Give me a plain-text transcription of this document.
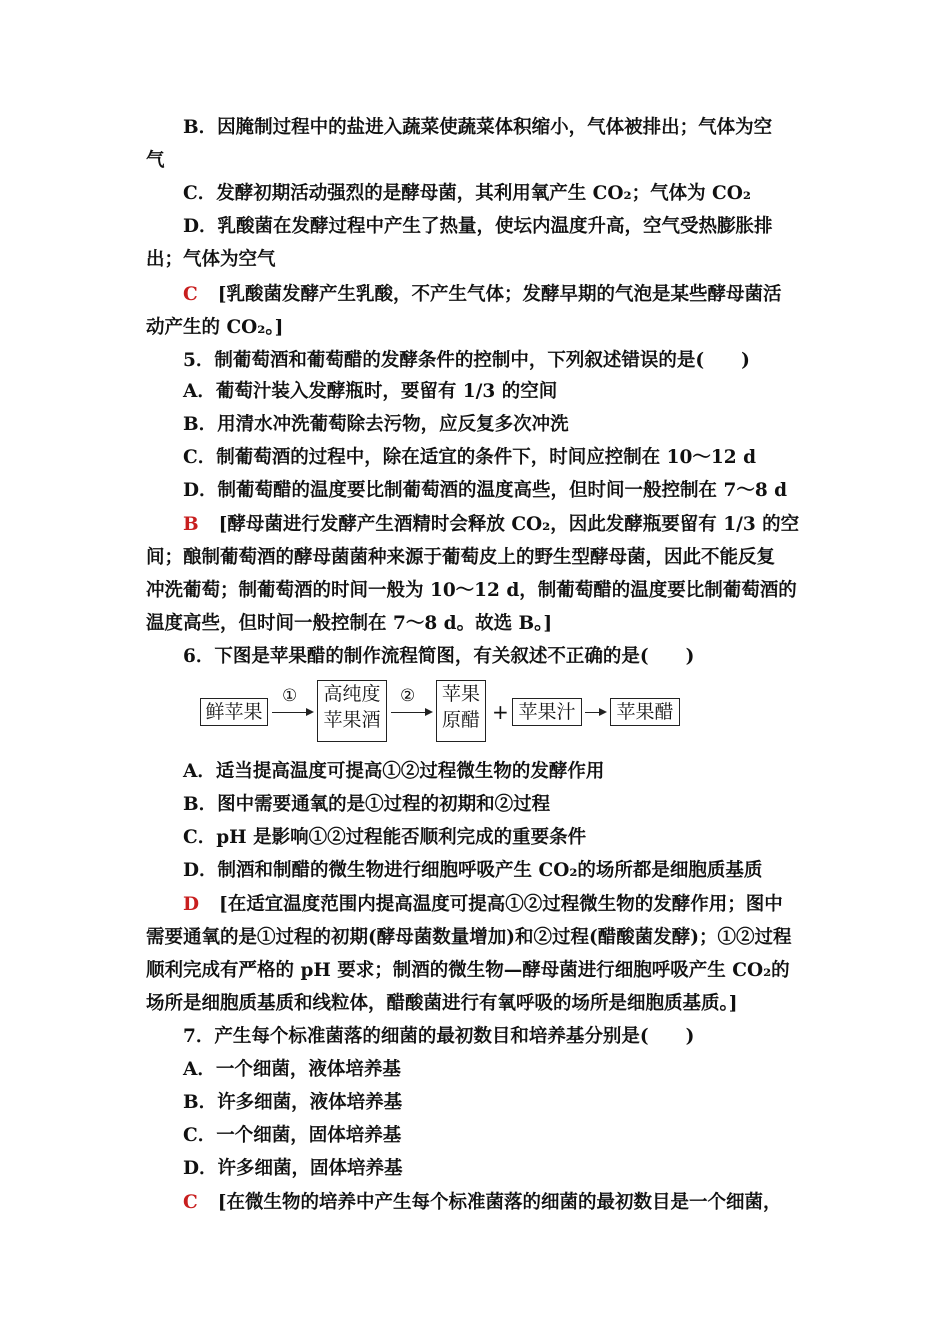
B．因腌制过程中的盐进入蔬菜使蔬菜体积缩小，气体被排出；气体为空
气
C．发酵初期活动强烈的是酵母菌，其利用氧产生 CO₂；气体为 CO₂
D．乳酸菌在发酵过程中产生了热量，使坛内温度升高，空气受热膨胀排
出；气体为空气
C [乳酸菌发酵产生乳酸，不产生气体；发酵早期的气泡是某些酵母菌活
动产生的 CO₂。]
5．制葡萄酒和葡萄醋的发酵条件的控制中，下列叙述错误的是(　　)
A．葡萄汁装入发酵瓶时，要留有 1/3 的空间
B．用清水冲洗葡萄除去污物，应反复多次冲洗
C．制葡萄酒的过程中，除在适宜的条件下，时间应控制在 10～12 d
D．制葡萄醋的温度要比制葡萄酒的温度高些，但时间一般控制在 7～8 d
B [酵母菌进行发酵产生酒精时会释放 CO₂，因此发酵瓶要留有 1/3 的空
间；酿制葡萄酒的酵母菌菌种来源于葡萄皮上的野生型酵母菌，因此不能反复
冲洗葡萄；制葡萄酒的时间一般为 10～12 d，制葡萄醋的温度要比制葡萄酒的
温度高些，但时间一般控制在 7～8 d。故选 B。]
6．下图是苹果醋的制作流程简图，有关叙述不正确的是(　　)
鲜苹果
① 高纯度
苹果酒
② 苹果
原醋 + 苹果汁	苹果醋
A．适当提高温度可提高①②过程微生物的发酵作用
B．图中需要通氧的是①过程的初期和②过程
C．pH 是影响①②过程能否顺利完成的重要条件
D．制酒和制醋的微生物进行细胞呼吸产生 CO₂的场所都是细胞质基质
D [在适宜温度范围内提高温度可提高①②过程微生物的发酵作用；图中
需要通氧的是①过程的初期(酵母菌数量增加)和②过程(醋酸菌发酵)；①②过程
顺利完成有严格的 pH 要求；制酒的微生物—酵母菌进行细胞呼吸产生 CO₂的
场所是细胞质基质和线粒体，醋酸菌进行有氧呼吸的场所是细胞质基质。]
7．产生每个标准菌落的细菌的最初数目和培养基分别是(　　)
A．一个细菌，液体培养基
B．许多细菌，液体培养基
C．一个细菌，固体培养基
D．许多细菌，固体培养基
C [在微生物的培养中产生每个标准菌落的细菌的最初数目是一个细菌，
